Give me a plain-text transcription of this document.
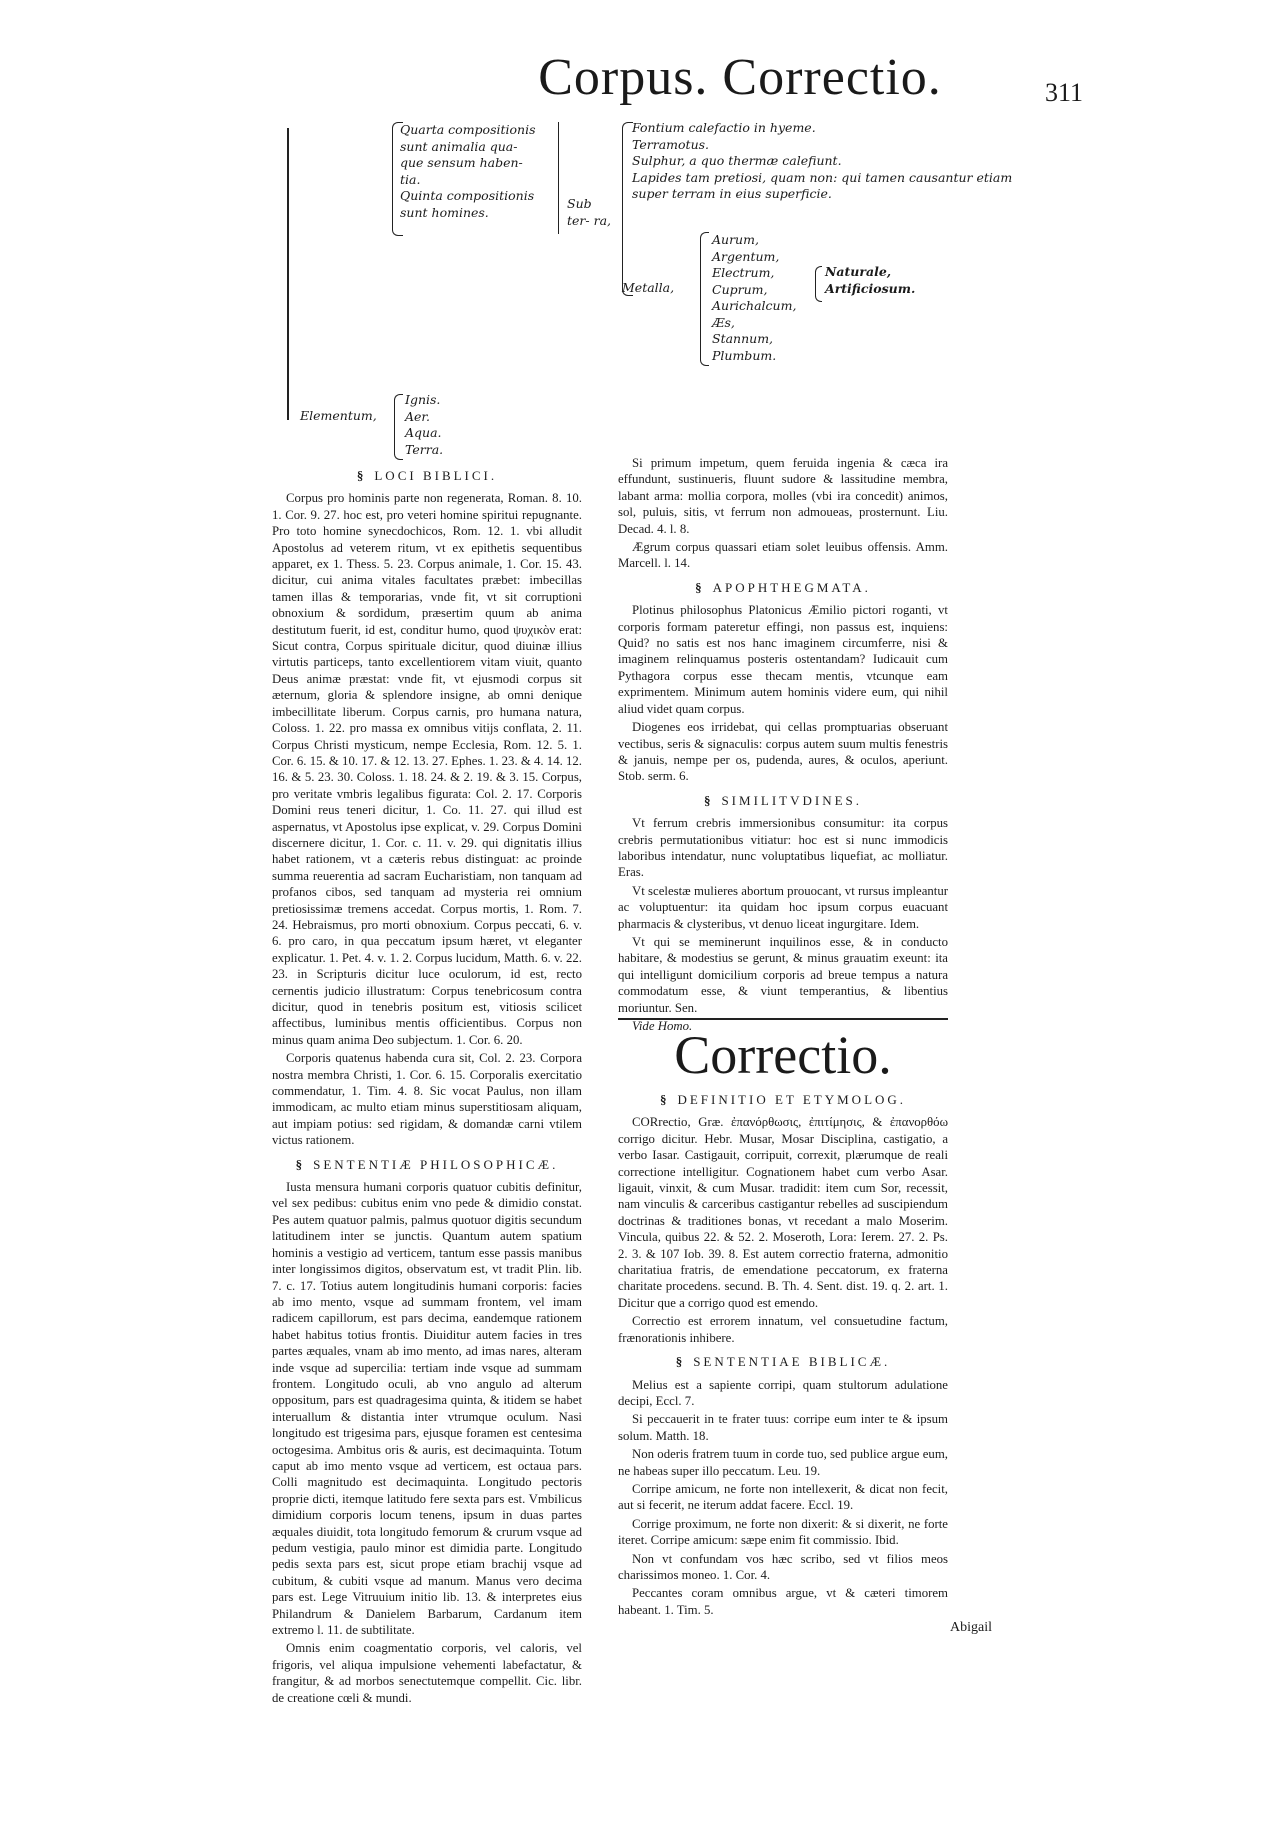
Corpus. Correctio.	311
Quarta compositionis
sunt animalia qua-
que sensum haben-
tia.
Quinta compositionis
sunt homines.
Sub ter- ra,
Fontium calefactio in hyeme.
Terramotus.
Sulphur, a quo thermæ calefiunt.
Lapides tam pretiosi, quam non: qui tamen causantur etiam
super terram in eius superficie.
Metalla,
Aurum,
Argentum,
Electrum,
Cuprum,
Aurichalcum,
Æs,
Stannum,
Plumbum.
Naturale,
Artificiosum.
Elementum,
Ignis.
Aer.
Aqua.
Terra.
§ LOCI BIBLICI.

Corpus pro hominis parte non regenerata, Roman. 8. 10. 1. Cor. 9. 27. hoc est, pro veteri homine spiritui repugnante. Pro toto homine synecdochicos, Rom. 12. 1. vbi alludit Apostolus ad veterem ritum, vt ex epithetis sequentibus apparet, ex 1. Thess. 5. 23. Corpus animale, 1. Cor. 15. 43. dicitur, cui anima vitales facultates præbet: imbecillas tamen illas & temporarias, vnde fit, vt sit corruptioni obnoxium & sordidum, præsertim quum ab anima destitutum fuerit, id est, conditur humo, quod ψυχικὸν erat: Sicut contra, Corpus spirituale dicitur, quod diuinæ illius virtutis particeps, tanto excellentiorem vitam viuit, quanto Deus animæ præstat: vnde fit, vt ejusmodi corpus sit æternum, gloria & splendore insigne, ab omni denique imbecillitate liberum. Corpus carnis, pro humana natura, Coloss. 1. 22. pro massa ex omnibus vitijs conflata, 2. 11. Corpus Christi mysticum, nempe Ecclesia, Rom. 12. 5. 1. Cor. 6. 15. & 10. 17. & 12. 13. 27. Ephes. 1. 23. & 4. 14. 12. 16. & 5. 23. 30. Coloss. 1. 18. 24. & 2. 19. & 3. 15. Corpus, pro veritate vmbris legalibus figurata: Col. 2. 17. Corporis Domini reus teneri dicitur, 1. Co. 11. 27. qui illud est aspernatus, vt Apostolus ipse explicat, v. 29. Corpus Domini discernere dicitur, 1. Cor. c. 11. v. 29. qui dignitatis illius habet rationem, vt a cæteris rebus distinguat: ac proinde summa reuerentia ad sacram Eucharistiam, non tanquam ad profanos cibos, sed tanquam ad mysteria rei omnium pretiosissimæ tremens accedat. Corpus mortis, 1. Rom. 7. 24. Hebraismus, pro morti obnoxium. Corpus peccati, 6. v. 6. pro caro, in qua peccatum ipsum hæret, vt eleganter explicatur. 1. Pet. 4. v. 1. 2. Corpus lucidum, Matth. 6. v. 22. 23. in Scripturis dicitur luce oculorum, id est, recto cernentis judicio illustratum: Corpus tenebricosum contra dicitur, quod in tenebris positum est, vitiosis scilicet affectibus, luminibus mentis officientibus. Corpus non minus quam anima Deo subjectum. 1. Cor. 6. 20.

Corporis quatenus habenda cura sit, Col. 2. 23. Corpora nostra membra Christi, 1. Cor. 6. 15. Corporalis exercitatio commendatur, 1. Tim. 4. 8. Sic vocat Paulus, non illam immodicam, ac multo etiam minus superstitiosam aliquam, aut impiam potius: sed rigidam, & domandæ carni vtilem victus rationem.

§ SENTENTIÆ PHILOSOPHICÆ.

Iusta mensura humani corporis quatuor cubitis definitur, vel sex pedibus: cubitus enim vno pede & dimidio constat. Pes autem quatuor palmis, palmus quotuor digitis secundum latitudinem inter se junctis. Quantum autem spatium hominis a vestigio ad verticem, tantum esse passis manibus inter longissimos digitos, observatum est, vt tradit Plin. lib. 7. c. 17. Totius autem longitudinis humani corporis: facies ab imo mento, vsque ad summam frontem, vel imam radicem capillorum, est pars decima, eandemque rationem habet habitus totius frontis. Diuiditur autem facies in tres partes æquales, vnam ab imo mento, ad imas nares, alteram inde vsque ad supercilia: tertiam inde vsque ad summam frontem. Longitudo oculi, ab vno angulo ad alterum oppositum, pars est quadragesima quinta, & itidem se habet interuallum & distantia inter vtrumque oculum. Nasi longitudo est trigesima pars, ejusque foramen est centesima octogesima. Ambitus oris & auris, est decimaquinta. Totum caput ab imo mento vsque ad verticem, est octaua pars. Colli magnitudo est decimaquinta. Longitudo pectoris proprie dicti, itemque latitudo fere sexta pars est. Vmbilicus dimidium corporis locum tenens, ipsum in duas partes æquales diuidit, tota longitudo femorum & crurum vsque ad pedum vestigia, paulo minor est dimidia parte. Longitudo pedis sexta pars est, sicut prope etiam brachij vsque ad cubitum, & cubiti vsque ad manum. Manus vero decima pars est. Lege Vitruuium initio lib. 13. & interpretes eius Philandrum & Danielem Barbarum, Cardanum item extremo l. 11. de subtilitate.

Omnis enim coagmentatio corporis, vel caloris, vel frigoris, vel aliqua impulsione vehementi labefactatur, & frangitur, & ad morbos senectutemque compellit. Cic. libr. de creatione cœli & mundi.

Si primum impetum, quem feruida ingenia & cæca ira effundunt, sustinueris, fluunt sudore & lassitudine membra, labant arma: mollia corpora, molles (vbi ira concedit) animos, sol, puluis, sitis, vt ferrum non admoueas, prosternunt. Liu. Decad. 4. l. 8.

Ægrum corpus quassari etiam solet leuibus offensis. Amm. Marcell. l. 14.

§ APOPHTHEGMATA.

Plotinus philosophus Platonicus Æmilio pictori roganti, vt corporis formam pateretur effingi, non passus est, inquiens: Quid? no satis est nos hanc imaginem circumferre, nisi & imaginem relinquamus posteris ostentandam? Iudicauit cum Pythagora corpus esse thecam mentis, vtcunque eam exprimentem. Minimum autem hominis videre eum, qui nihil aliud videt quam corpus.

Diogenes eos irridebat, qui cellas promptuarias obseruant vectibus, seris & signaculis: corpus autem suum multis fenestris & januis, nempe per os, pudenda, aures, & oculos, aperiunt. Stob. serm. 6.

§ SIMILITVDINES.

Vt ferrum crebris immersionibus consumitur: ita corpus crebris permutationibus vitiatur: hoc est si nunc immodicis laboribus intendatur, nunc voluptatibus liquefiat, ac molliatur. Eras.

Vt scelestæ mulieres abortum prouocant, vt rursus impleantur ac voluptuentur: ita quidam hoc ipsum corpus euacuant pharmacis & clysteribus, vt denuo liceat ingurgitare. Idem.

Vt qui se meminerunt inquilinos esse, & in conducto habitare, & modestius se gerunt, & minus grauatim exeunt: ita qui intelligunt domicilium corporis ad breue tempus a natura commodatum esse, & viunt temperantius, & libentius moriuntur. Sen.

Vide Homo.

Correctio.
§ DEFINITIO ET ETYMOLOG.

CORrectio, Græ. ἐπανόρθωσις, ἐπιτίμησις, & ἐπανορθόω corrigo dicitur. Hebr. Musar, Mosar Disciplina, castigatio, a verbo Iasar. Castigauit, corripuit, correxit, plærumque de reali correctione intelligitur. Cognationem habet cum verbo Asar. ligauit, vinxit, & cum Musar. tradidit: item cum Sor, recessit, nam vinculis & carceribus castigantur rebelles ad suscipiendum doctrinas & traditiones bonas, vt recedant a malo Moserim. Vincula, quibus 22. & 52. 2. Moseroth, Lora: Ierem. 27. 2. Ps. 2. 3. & 107 Iob. 39. 8. Est autem correctio fraterna, admonitio charitatiua fratris, de emendatione peccatorum, ex fraterna charitate procedens. secund. B. Th. 4. Sent. dist. 19. q. 2. art. 1. Dicitur que a corrigo quod est emendo.

Correctio est errorem innatum, vel consuetudine factum, frænorationis inhibere.

§ SENTENTIAE BIBLICÆ.

Melius est a sapiente corripi, quam stultorum adulatione decipi, Eccl. 7.

Si peccauerit in te frater tuus: corripe eum inter te & ipsum solum. Matth. 18.

Non oderis fratrem tuum in corde tuo, sed publice argue eum, ne habeas super illo peccatum. Leu. 19.

Corripe amicum, ne forte non intellexerit, & dicat non fecit, aut si fecerit, ne iterum addat facere. Eccl. 19.

Corrige proximum, ne forte non dixerit: & si dixerit, ne forte iteret. Corripe amicum: sæpe enim fit commissio. Ibid.

Non vt confundam vos hæc scribo, sed vt filios meos charissimos moneo. 1. Cor. 4.

Peccantes coram omnibus argue, vt & cæteri timorem habeant. 1. Tim. 5.

Abigail
